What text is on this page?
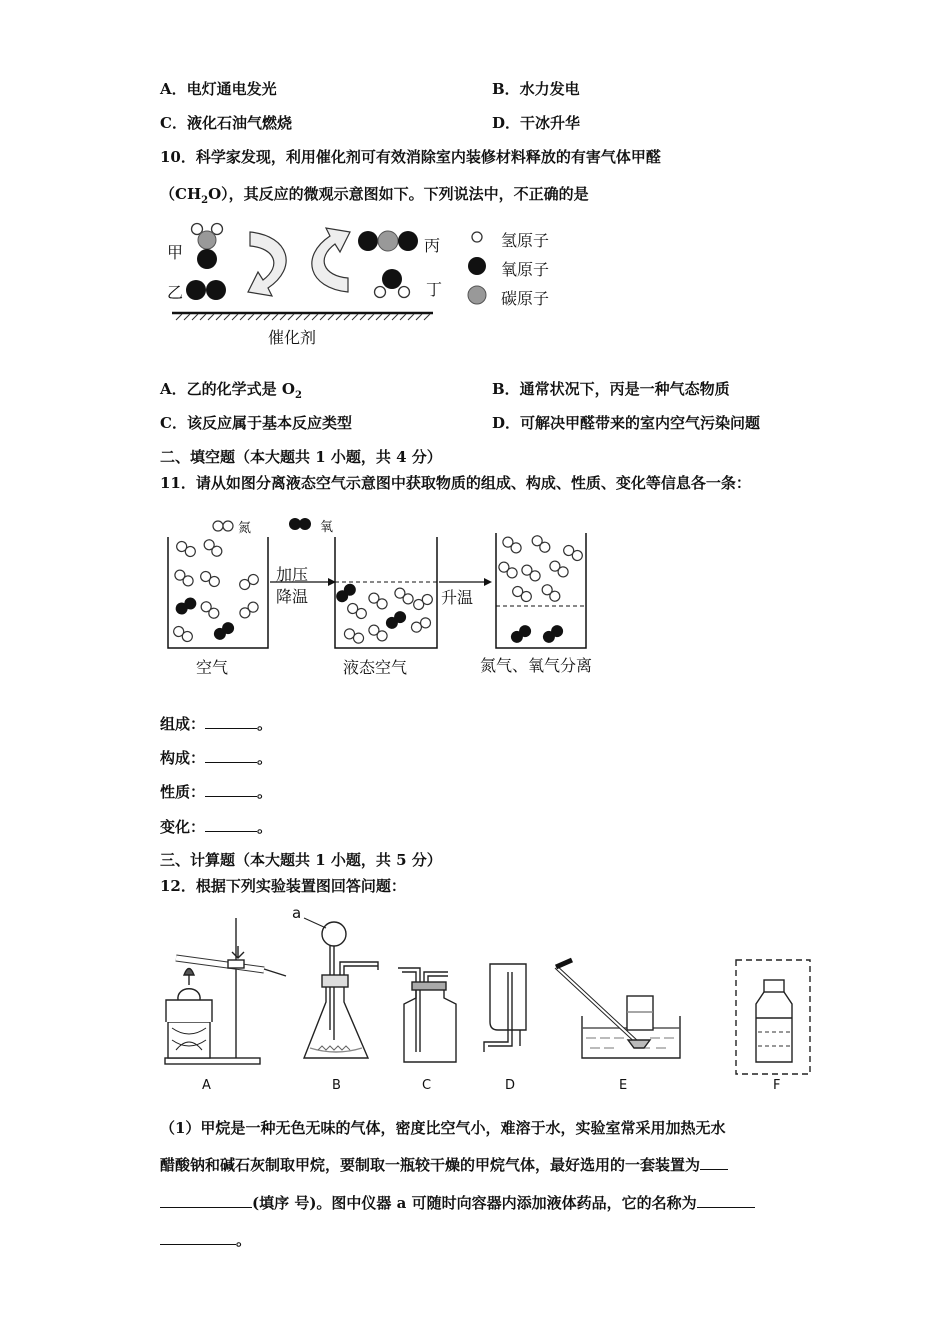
A．电灯通电发光	B．水力发电
C．液化石油气燃烧	D．干冰升华
10．科学家发现，利用催化剂可有效消除室内装修材料释放的有害气体甲醛
$(CH_2O)$，其反应的微观示意图如下。下列说法中，不正确的是
甲
乙
丙
丁
氢原子
氧原子
碳原子
催化剂
A．乙的化学式是 $O_2$	B．通常状况下，丙是一种气态物质
C．该反应属于基本反应类型	D．可解决甲醛带来的室内空气污染问题
二、填空题（本大题共 1 小题，共 4 分）
11．请从如图分离液态空气示意图中获取物质的组成、构成、性质、变化等信息各一条：
氮	氧
加压
降温	升温
空气	液态空气	氮气、氧气分离
组成：	。
构成：	。
性质：	。
变化：	。
三、计算题（本大题共 1 小题，共 5 分）
12．根据下列实验装置图回答问题：
a
A	B	C	D	E	F
（1）甲烷是一种无色无味的气体，密度比空气小，难溶于水，实验室常采用加热无水
醋酸钠和碱石灰制取甲烷，要制取一瓶较干燥的甲烷气体，最好选用的一套装置为
(填序 号)。图中仪器 a 可随时向容器内添加液体药品，它的名称为
。
